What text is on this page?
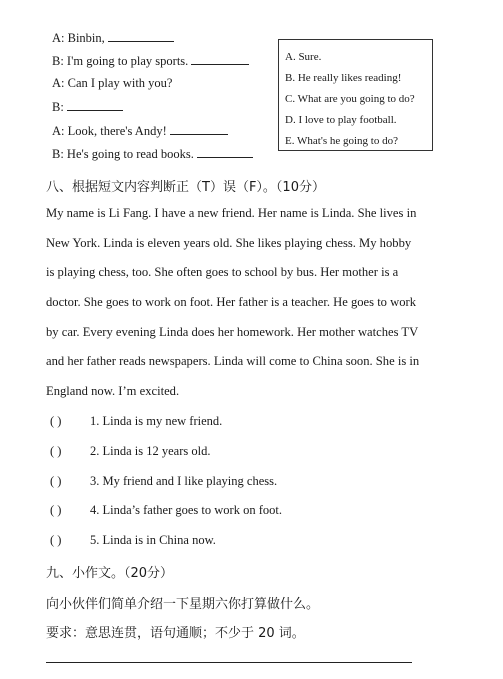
A: Binbin,
B: I'm going to play sports.
A: Can I play with you?
B:
A: Look, there's Andy!
B: He's going to read books.
A. Sure.
B. He really likes reading!
C. What are you going to do?
D. I love to play football.
E. What's he going to do?
八、根据短文内容判断正（T）误（F）。（10分）
My name is Li Fang. I have a new friend. Her name is Linda. She lives in
New York. Linda is eleven years old. She likes playing chess. My hobby
is playing chess, too. She often goes to school by bus. Her mother is a
doctor. She goes to work on foot. Her father is a teacher. He goes to work
by car. Every evening Linda does her homework. Her mother watches TV
and her father reads newspapers. Linda will come to China soon. She is in
England now. I’m excited.
( ) 1. Linda is my new friend.
( ) 2. Linda is 12 years old.
( ) 3. My friend and I like playing chess.
( ) 4. Linda’s father goes to work on foot.
( ) 5. Linda is in China now.
九、小作文。（20分）
向小伙伴们简单介绍一下星期六你打算做什么。
要求：意思连贯，语句通顺；不少于 20 词。
